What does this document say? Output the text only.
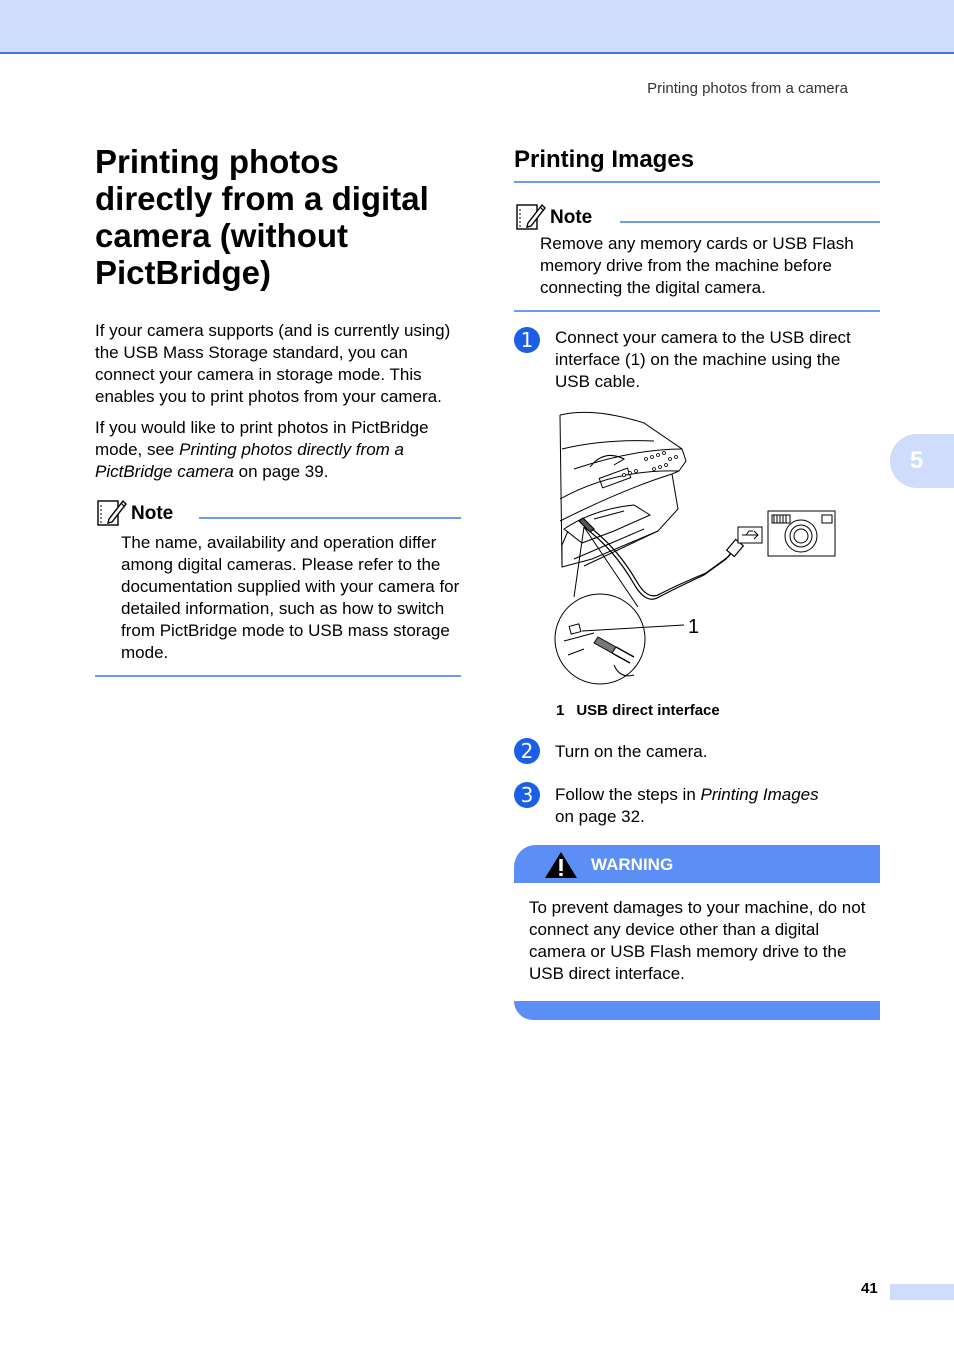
Printing photos from a camera
5
Printing photos directly from a digital camera (without PictBridge)

If your camera supports (and is currently using) the USB Mass Storage standard, you can connect your camera in storage mode. This enables you to print photos from your camera.

If you would like to print photos in PictBridge mode, see Printing photos directly from a PictBridge camera on page 39.

Note

The name, availability and operation differ among digital cameras. Please refer to the documentation supplied with your camera for detailed information, such as how to switch from PictBridge mode to USB mass storage mode.

Printing Images
Note

Remove any memory cards or USB Flash memory drive from the machine before connecting the digital camera.

1	Connect your camera to the USB direct interface (1) on the machine using the USB cable.

1

1 USB direct interface

2	Turn on the camera.

3	Follow the steps in Printing Images
on page 32.

WARNING

To prevent damages to your machine, do not connect any device other than a digital camera or USB Flash memory drive to the USB direct interface.

41
